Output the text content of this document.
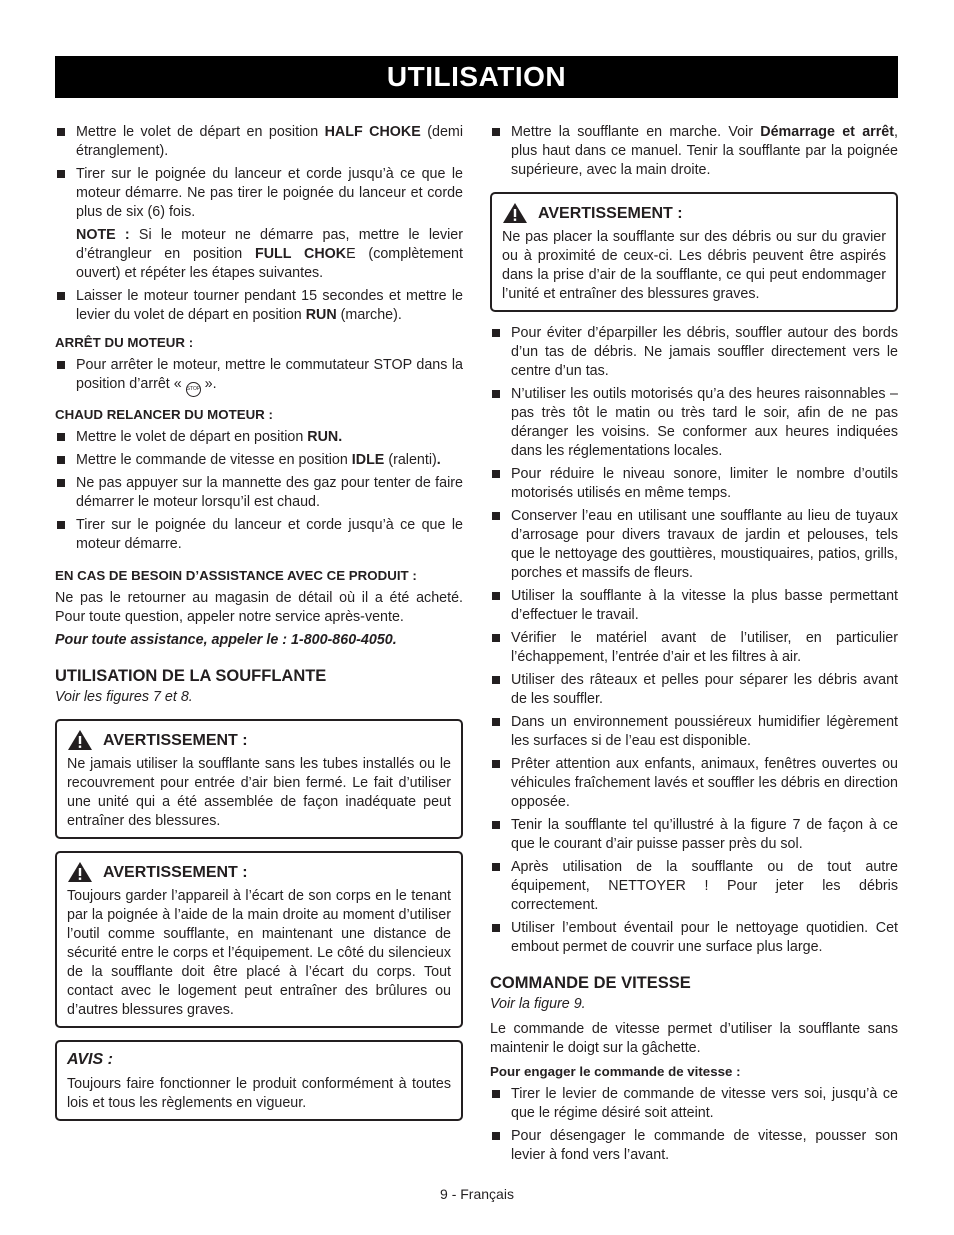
UTILISATION
Mettre le volet de départ en position HALF CHOKE (demi étranglement).
Tirer sur le poignée du lanceur et corde jusqu’à ce que le moteur démarre. Ne pas tirer le poignée du lanceur et corde plus de six (6) fois.
NOTE : Si le moteur ne démarre pas, mettre le levier d’étrangleur en position FULL CHOKE (complètement ouvert) et répéter les étapes suivantes.
Laisser le moteur tourner pendant 15 secondes et mettre le levier du volet de départ en position RUN (marche).
ARRÊT DU MOTEUR :
Pour arrêter le moteur, mettre le commutateur STOP dans la position d’arrêt « STOP ».
CHAUD RELANCER DU MOTEUR :
Mettre le volet de départ en position RUN.
Mettre le commande de vitesse en position IDLE (ralenti).
Ne pas appuyer sur la mannette des gaz pour tenter de faire démarrer le moteur lorsqu’il est chaud.
Tirer sur le poignée du lanceur et corde jusqu’à ce que le moteur démarre.
EN CAS DE BESOIN D’ASSISTANCE AVEC CE PRODUIT :
Ne pas le retourner au magasin de détail où il a été acheté. Pour toute question, appeler notre service après-vente.
Pour toute assistance, appeler le : 1-800-860-4050.
UTILISATION DE LA SOUFFLANTE
Voir les figures 7 et 8.
AVERTISSEMENT :
Ne jamais utiliser la soufflante sans les tubes installés ou le recouvrement pour entrée d’air bien fermé. Le fait d’utiliser une unité qui a été assemblée de façon inadéquate peut entraîner des blessures.
AVERTISSEMENT :
Toujours garder l’appareil à l’écart de son corps en le tenant par la poignée à l’aide de la main droite au moment d’utiliser l’outil comme soufflante, en maintenant une distance de sécurité entre le corps et l’équipement. Le côté du silencieux de la soufflante doit être placé à l’écart du corps. Tout contact avec le logement peut entraîner des brûlures ou d’autres blessures graves.
AVIS :
Toujours faire fonctionner le produit conformément à toutes lois et tous les règlements en vigueur.
Mettre la soufflante en marche. Voir Démarrage et arrêt, plus haut dans ce manuel. Tenir la soufflante par la poignée supérieure, avec la main droite.
AVERTISSEMENT :
Ne pas placer la soufflante sur des débris ou sur du gravier ou à proximité de ceux-ci. Les débris peuvent être aspirés dans la prise d’air de la soufflante, ce qui peut endommager l’unité et entraîner des blessures graves.
Pour éviter d’éparpiller les débris, souffler autour des bords d’un tas de débris. Ne jamais souffler directement vers le centre d’un tas.
N’utiliser les outils motorisés qu’a des heures raisonnables – pas très tôt le matin ou très tard le soir, afin de ne pas déranger les voisins. Se conformer aux heures indiquées dans les réglementations locales.
Pour réduire le niveau sonore, limiter le nombre d’outils motorisés utilisés en même temps.
Conserver l’eau en utilisant une soufflante au lieu de tuyaux d’arrosage pour divers travaux de jardin et pelouses, tels que le nettoyage des gouttières, moustiquaires, patios, grills, porches et massifs de fleurs.
Utiliser la soufflante à la vitesse la plus basse permettant d’effectuer le travail.
Vérifier le matériel avant de l’utiliser, en particulier l’échappement, l’entrée d’air et les filtres à air.
Utiliser des râteaux et pelles pour séparer les débris avant de les souffler.
Dans un environnement poussiéreux humidifier légèrement les surfaces si de l’eau est disponible.
Prêter attention aux enfants, animaux, fenêtres ouvertes ou véhicules fraîchement lavés et souffler les débris en direction opposée.
Tenir la soufflante tel qu’illustré à la figure 7 de façon à ce que le courant d’air puisse passer près du sol.
Après utilisation de la soufflante ou de tout autre équipement, NETTOYER ! Pour jeter les débris correctement.
Utiliser l’embout éventail pour le nettoyage quotidien. Cet embout permet de couvrir une surface plus large.
COMMANDE DE VITESSE
Voir la figure 9.
Le commande de vitesse permet d’utiliser la soufflante sans maintenir le doigt sur la gâchette.
Pour engager le commande de vitesse :
Tirer le levier de commande de vitesse vers soi, jusqu’à ce que le régime désiré soit atteint.
Pour désengager le commande de vitesse, pousser son levier à fond vers l’avant.
9 - Français
